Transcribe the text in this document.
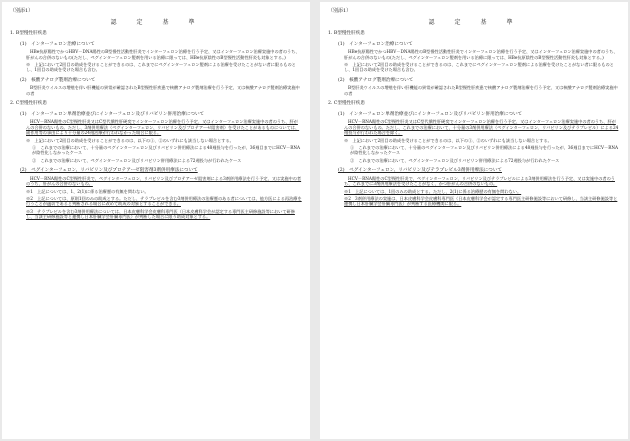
（別添1）
認　定　基　準
1. B型慢性肝疾患
(1)　インターフェロン治療について
HBe抗原陽性でかつHBV－DNA陽性のB型慢性活動性肝炎でインターフェロン治療を行う予定、又はインターフェロン治療実施中の者のうち、肝がんの合併のないもの(ただし、ペグインターフェロン製剤を用いる治療に限っては、HBe抗原陰性のB型慢性活動性肝炎も対象とする。)
※　上記において2回目の助成を受けることができるのは、これまでにペグインターフェロン製剤による治療を受けたことがない者に限るものとし、1回目の助成を受けた場合も含む。
(2)　核酸アナログ製剤治療について
B型肝炎ウイルスの増殖を伴い肝機能の異常が確認されたB型慢性肝疾患で核酸アナログ製剤治療を行う予定、又は核酸アナログ製剤治療実施中の者
2. C型慢性肝疾患
(1)　インターフェロン単剤治療並びにインターフェロン及びリバビリン併用治療について
HCV－RNA陽性のC型慢性肝炎又はC型代償性肝硬変でインターフェロン治療を行う予定、又はインターフェロン治療実施中の者のうち、肝がんの合併のないもの。ただし、3剤併用療法（ペグインターフェロン、リバビリン及びプロテアーゼ阻害剤）を受けたことがあるものについては、副作用等の事由により十分量の24週治療が行われなかった場合に限る。
※　上記において2回目の助成を受けることができるのは、以下の①、②のいずれにも該当しない場合とする。
①　これまでの治療において、十分量のペグインターフェロン及びリバビリン併用療法による48週投与を行ったが、36週目までにHCV－RNAが陰性化しなかったケース
②　これまでの治療において、ペグインターフェロン及びリバビリン併用療法による72週投与が行われたケース
(2)　ペグインターフェロン、リバビリン及びプロテアーゼ阻害剤3剤併用療法について
HCV－RNA陽性のC型慢性肝炎で、ペグインターフェロン、リバビリン及びプロテアーゼ阻害剤による3剤併用療法を行う予定、又は実施中の者のうち、肝がんの合併のないもの。
※1　上記については、1、2(1)に係る治療歴の有無を問わない。
※2　上記については、原則1回のみの助成とする。ただし、テラプレビルを含む3剤併用療法の治療歴のある者については、他方医による再治療を行うことが適切であると判断される場合に改めて助成の対象とすることができる。
※3　テラプレビルを含む3剤併用療法については、日本皮膚科学会皮膚科専門医（日本皮膚科学会が認定する専門医主研修施設等において研修し、当該主研修施設等と連携し日本肝臓学会肝臓専門医）が判断した場合に限り助成対象とする。
（別添1）
認　定　基　準
1. B型慢性肝疾患
(1)　インターフェロン治療について
HBe抗原陽性でかつHBV－DNA陽性のB型慢性活動性肝炎でインターフェロン治療を行う予定、又はインターフェロン治療実施中の者のうち、肝がんの合併のないもの(ただし、ペグインターフェロン製剤を用いる治療に限っては、HBe抗原陰性のB型慢性活動性肝炎も対象とする。)
※　上記において2回目の助成を受けることができるのは、これまでにペグインターフェロン製剤による治療を受けたことがない者に限るものとし、1回目の助成を受けた場合も含む。
(2)　核酸アナログ製剤治療について
B型肝炎ウイルスの増殖を伴い肝機能の異常が確認されたB型慢性肝疾患で核酸アナログ製剤治療を行う予定、又は核酸アナログ製剤治療実施中の者
2. C型慢性肝疾患
(1)　インターフェロン単剤治療並びにインターフェロン及びリバビリン併用治療について
HCV－RNA陽性のC型慢性肝炎又はC型代償性肝硬変でインターフェロン治療を行う予定、又はインターフェロン治療実施中の者のうち、肝がんの合併のないもの。ただし、これまでの治療において、十分量の3剤併用療法（ペグインターフェロン、リバビリン及びテラプレビル）による24週投与が行われた場合を除く。
※　上記において2回目の助成を受けることができるのは、以下の①、②のいずれにも該当しない場合とする。
①　これまでの治療において、十分量のペグインターフェロン及びリバビリン併用療法による48週投与を行ったが、36週目までにHCV－RNAが陰性化しなかったケース
②　これまでの治療において、ペグインターフェロン及びリバビリン併用療法による72週投与が行われたケース
(2)　ペグインターフェロン、リバビリン及びテラプレビル3剤併用療法について
HCV－RNA陽性のC型慢性肝炎で、ペグインターフェロン、リバビリン及びテラプレビルによる3剤併用療法を行う予定、又は実施中の者のうち、これまでに3剤併用療法を受けたことがなく、かつ肝がんの合併のないもの。
※1　上記については、1回のみの助成とする。ただし、2(1)に係る治療歴の有無を問わない。
※2　3剤併用療法の実施は、日本皮膚科学会皮膚科専門医（日本皮膚科学会が認定する専門医主研修施設等において研修し、当該主研修施設等と連携し日本肝臓学会肝臓専門医）が判断する医療機関に限る。
